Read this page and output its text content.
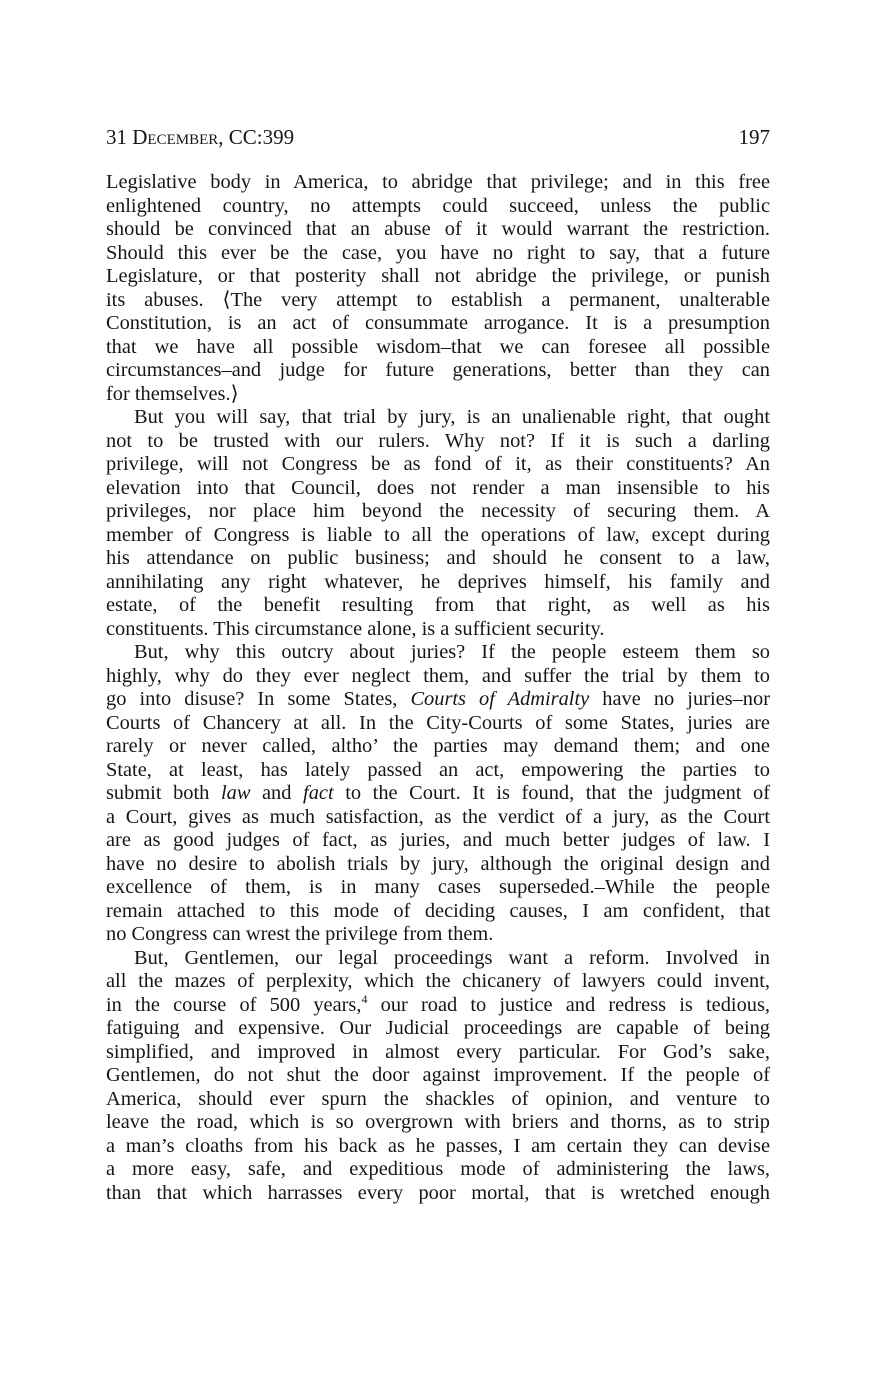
31 December, CC:399	197
Legislative body in America, to abridge that privilege; and in this free
enlightened country, no attempts could succeed, unless the public
should be convinced that an abuse of it would warrant the restriction.
Should this ever be the case, you have no right to say, that a future
Legislature, or that posterity shall not abridge the privilege, or punish
its abuses. ⟨The very attempt to establish a permanent, unalterable
Constitution, is an act of consummate arrogance. It is a presumption
that we have all possible wisdom–that we can foresee all possible
circumstances–and judge for future generations, better than they can
for themselves.⟩
But you will say, that trial by jury, is an unalienable right, that ought
not to be trusted with our rulers. Why not? If it is such a darling
privilege, will not Congress be as fond of it, as their constituents? An
elevation into that Council, does not render a man insensible to his
privileges, nor place him beyond the necessity of securing them. A
member of Congress is liable to all the operations of law, except during
his attendance on public business; and should he consent to a law,
annihilating any right whatever, he deprives himself, his family and
estate, of the benefit resulting from that right, as well as his
constituents. This circumstance alone, is a sufficient security.
But, why this outcry about juries? If the people esteem them so
highly, why do they ever neglect them, and suffer the trial by them to
go into disuse? In some States, Courts of Admiralty have no juries–nor
Courts of Chancery at all. In the City-Courts of some States, juries are
rarely or never called, altho’ the parties may demand them; and one
State, at least, has lately passed an act, empowering the parties to
submit both law and fact to the Court. It is found, that the judgment of
a Court, gives as much satisfaction, as the verdict of a jury, as the Court
are as good judges of fact, as juries, and much better judges of law. I
have no desire to abolish trials by jury, although the original design and
excellence of them, is in many cases superseded.–While the people
remain attached to this mode of deciding causes, I am confident, that
no Congress can wrest the privilege from them.
But, Gentlemen, our legal proceedings want a reform. Involved in
all the mazes of perplexity, which the chicanery of lawyers could invent,
in the course of 500 years,$^4$ our road to justice and redress is tedious,
fatiguing and expensive. Our Judicial proceedings are capable of being
simplified, and improved in almost every particular. For God’s sake,
Gentlemen, do not shut the door against improvement. If the people of
America, should ever spurn the shackles of opinion, and venture to
leave the road, which is so overgrown with briers and thorns, as to strip
a man’s cloaths from his back as he passes, I am certain they can devise
a more easy, safe, and expeditious mode of administering the laws,
than that which harrasses every poor mortal, that is wretched enough
